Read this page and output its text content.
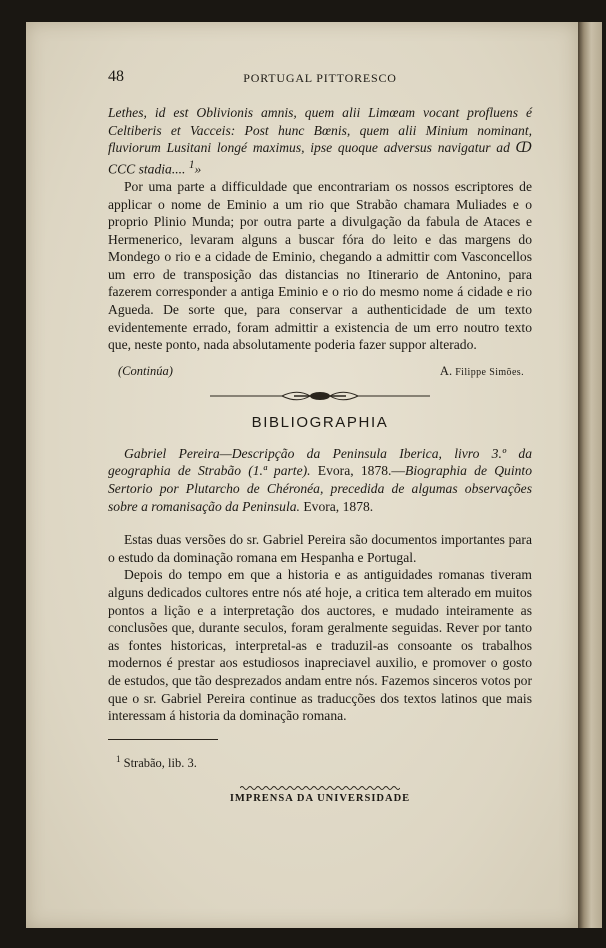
48	PORTUGAL PITTORESCO

Lethes, id est Oblivionis amnis, quem alii Limœam vocant profluens é Celtiberis et Vacceis: Post hunc Bœnis, quem alii Minium nominant, fluviorum Lusitani longé maximus, ipse quoque adversus navigatur ad ↀ CCC stadia.... $^1$»

Por uma parte a difficuldade que encontrariam os nossos escriptores de applicar o nome de Eminio a um rio que Strabão chamara Muliades e o proprio Plinio Munda; por outra parte a divulgação da fabula de Ataces e Hermenerico, levaram alguns a buscar fóra do leito e das margens do Mondego o rio e a cidade de Eminio, chegando a admittir com Vasconcellos um erro de transposição das distancias no Itinerario de Antonino, para fazerem corresponder a antiga Eminio e o rio do mesmo nome á cidade e rio Agueda. De sorte que, para conservar a authenticidade de um texto evidentemente errado, foram admittir a existencia de um erro noutro texto que, neste ponto, nada absolutamente poderia fazer suppor alterado.

(Continúa)	A. Filippe Simões.
BIBLIOGRAPHIA

Gabriel Pereira—Descripção da Peninsula Iberica, livro 3.º da geographia de Strabão (1.ª parte). Evora, 1878.—Biographia de Quinto Sertorio por Plutarcho de Chéronéa, precedida de algumas observações sobre a romanisação da Peninsula. Evora, 1878.

Estas duas versões do sr. Gabriel Pereira são documentos importantes para o estudo da dominação romana em Hespanha e Portugal.

Depois do tempo em que a historia e as antiguidades romanas tiveram alguns dedicados cultores entre nós até hoje, a critica tem alterado em muitos pontos a lição e a interpretação dos auctores, e mudado inteiramente as conclusões que, durante seculos, foram geralmente seguidas. Rever por tanto as fontes historicas, interpretal-as e traduzil-as consoante os trabalhos modernos é prestar aos estudiosos inapreciavel auxilio, e promover o gosto de estudos, que tão desprezados andam entre nós. Fazemos sinceros votos por que o sr. Gabriel Pereira continue as traducções dos textos latinos que mais interessam á historia da dominação romana.

$^1$ Strabão, lib. 3.
IMPRENSA DA UNIVERSIDADE
